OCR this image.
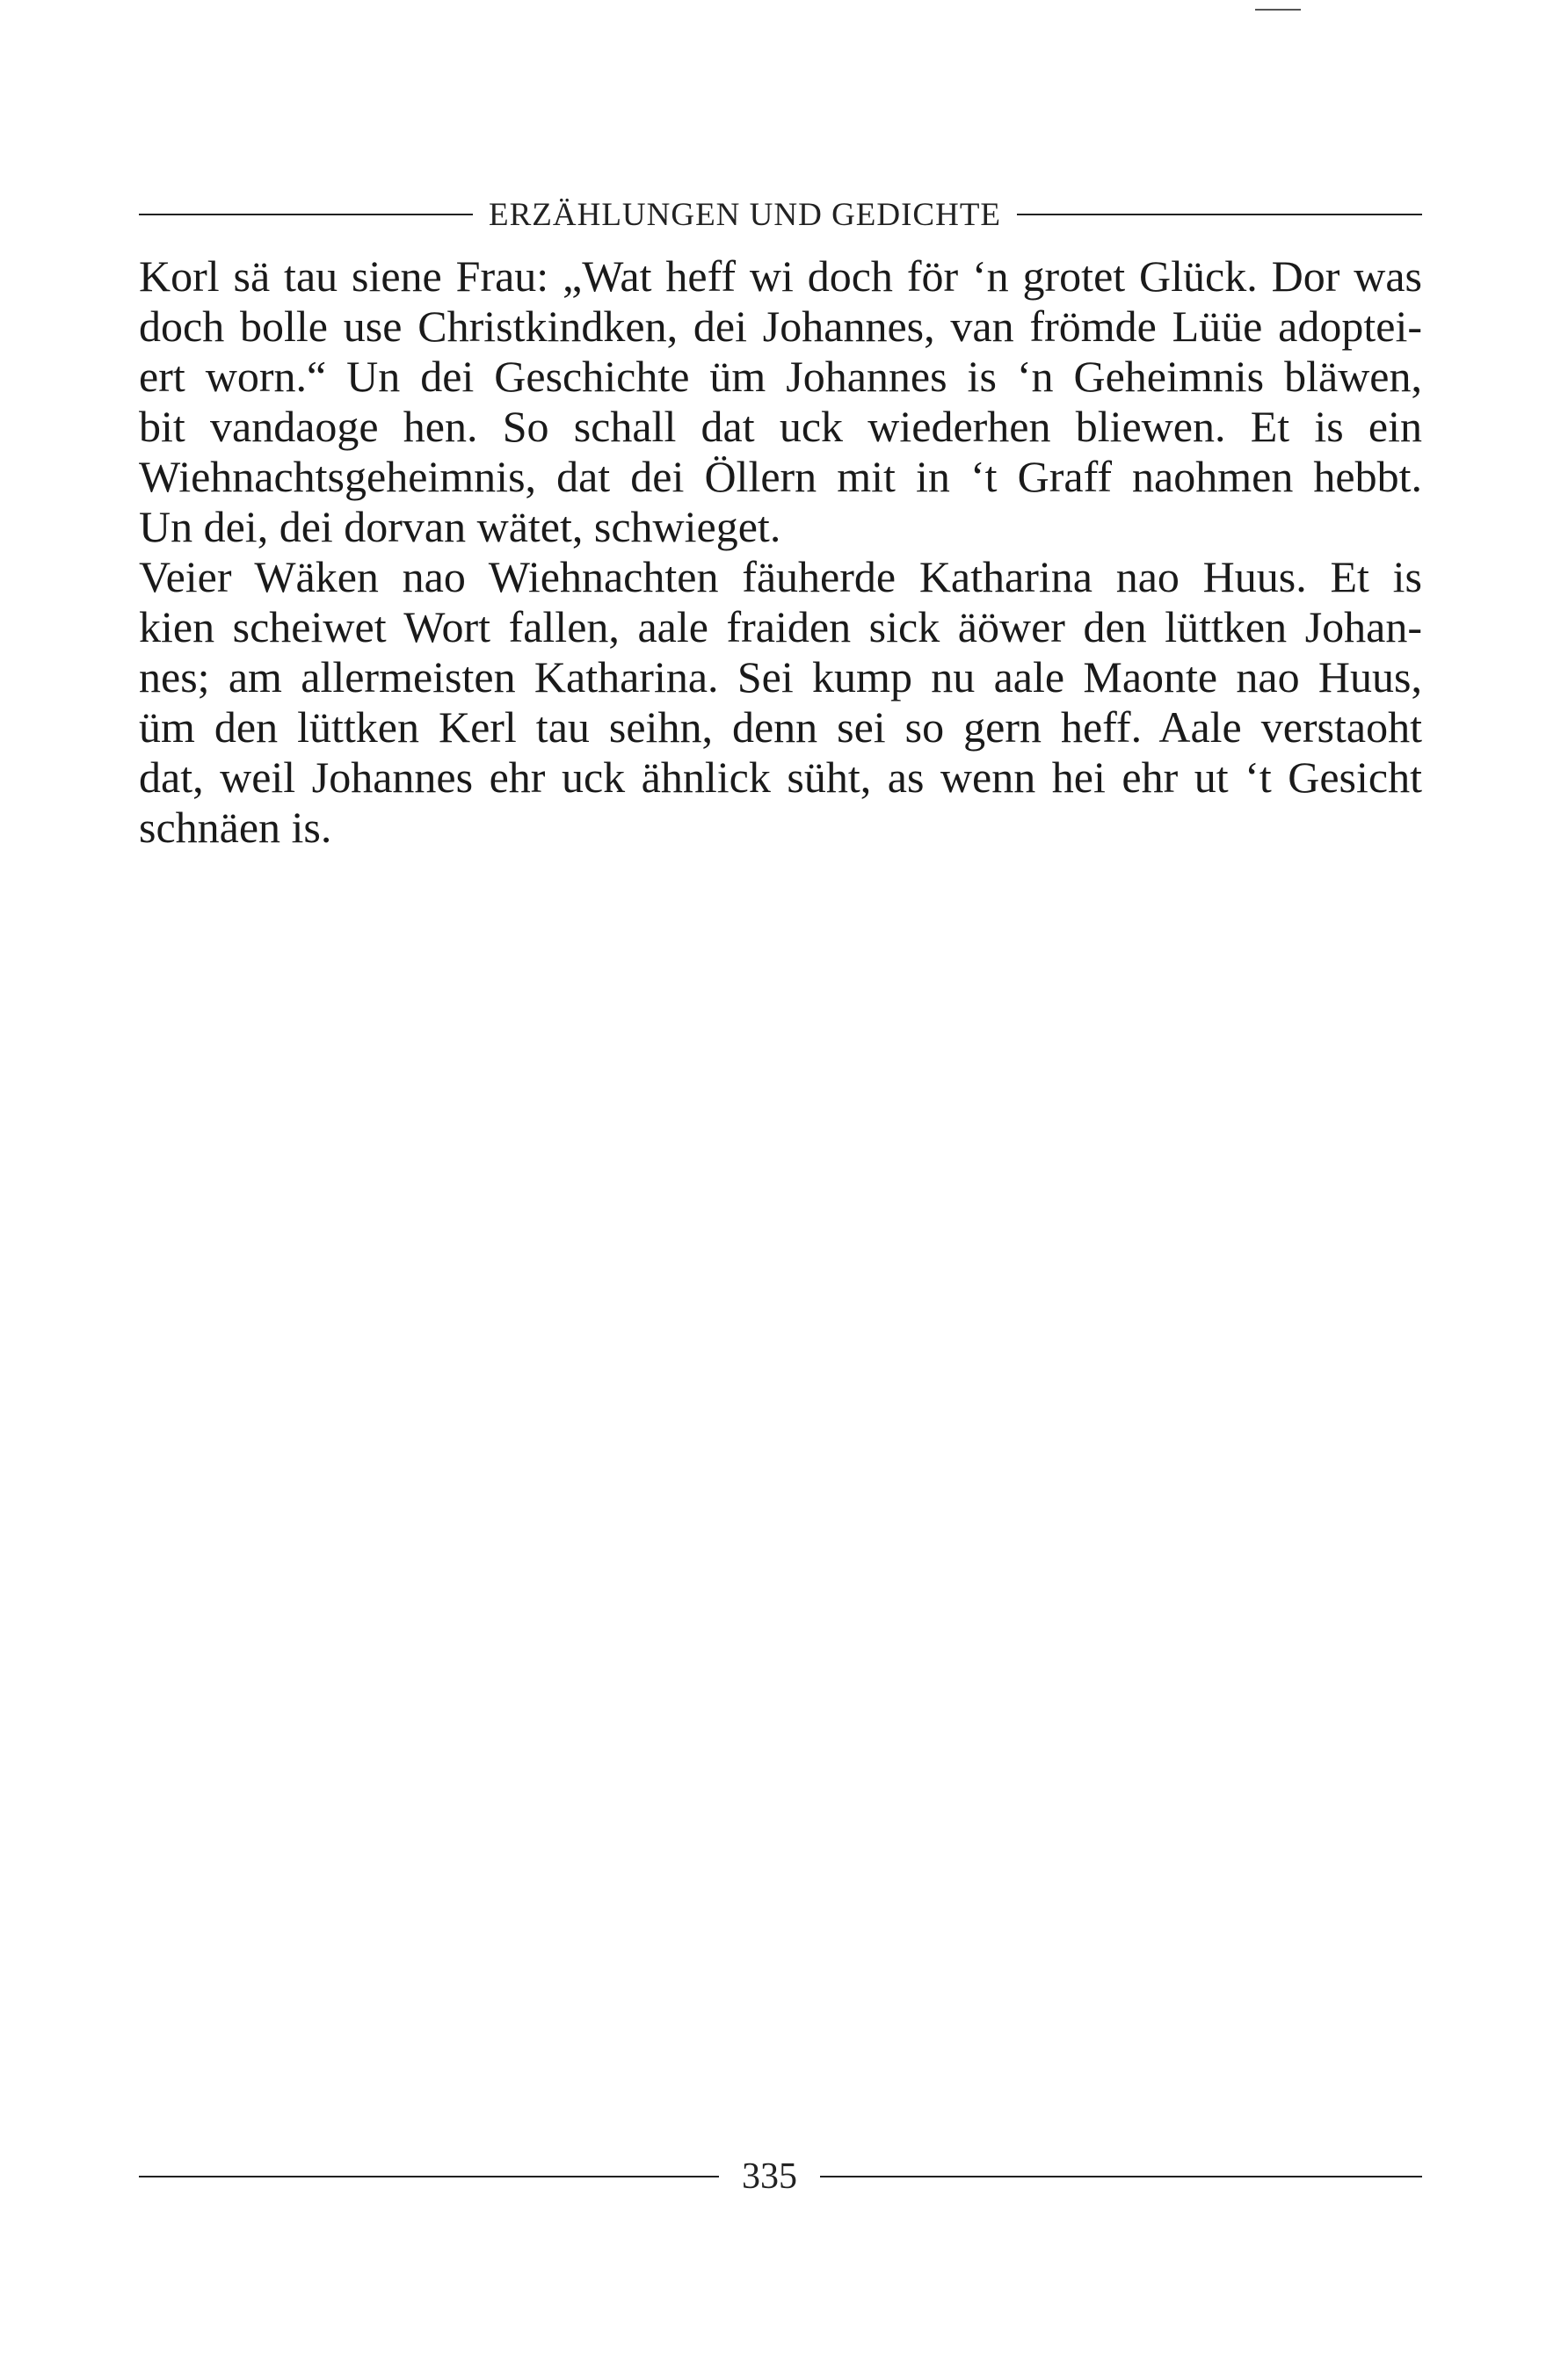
ERZÄHLUNGEN UND GEDICHTE

Korl sä tau siene Frau: „Wat heff wi doch för ‘n grotet Glück. Dor was
doch bolle use Christkindken, dei Johannes, van frömde Lüüe adoptei-
ert worn.“ Un dei Geschichte üm Johannes is ‘n Geheimnis bläwen,
bit vandaoge hen. So schall dat uck wiederhen bliewen. Et is ein
Wiehnachtsgeheimnis, dat dei Öllern mit in ‘t Graff naohmen hebbt.
Un dei, dei dorvan wätet, schwieget.

Veier Wäken nao Wiehnachten fäuherde Katharina nao Huus. Et is
kien scheiwet Wort fallen, aale fraiden sick äöwer den lüttken Johan-
nes; am allermeisten Katharina. Sei kump nu aale Maonte nao Huus,
üm den lüttken Kerl tau seihn, denn sei so gern heff. Aale verstaoht
dat, weil Johannes ehr uck ähnlick süht, as wenn hei ehr ut ‘t Gesicht
schnäen is.

335
